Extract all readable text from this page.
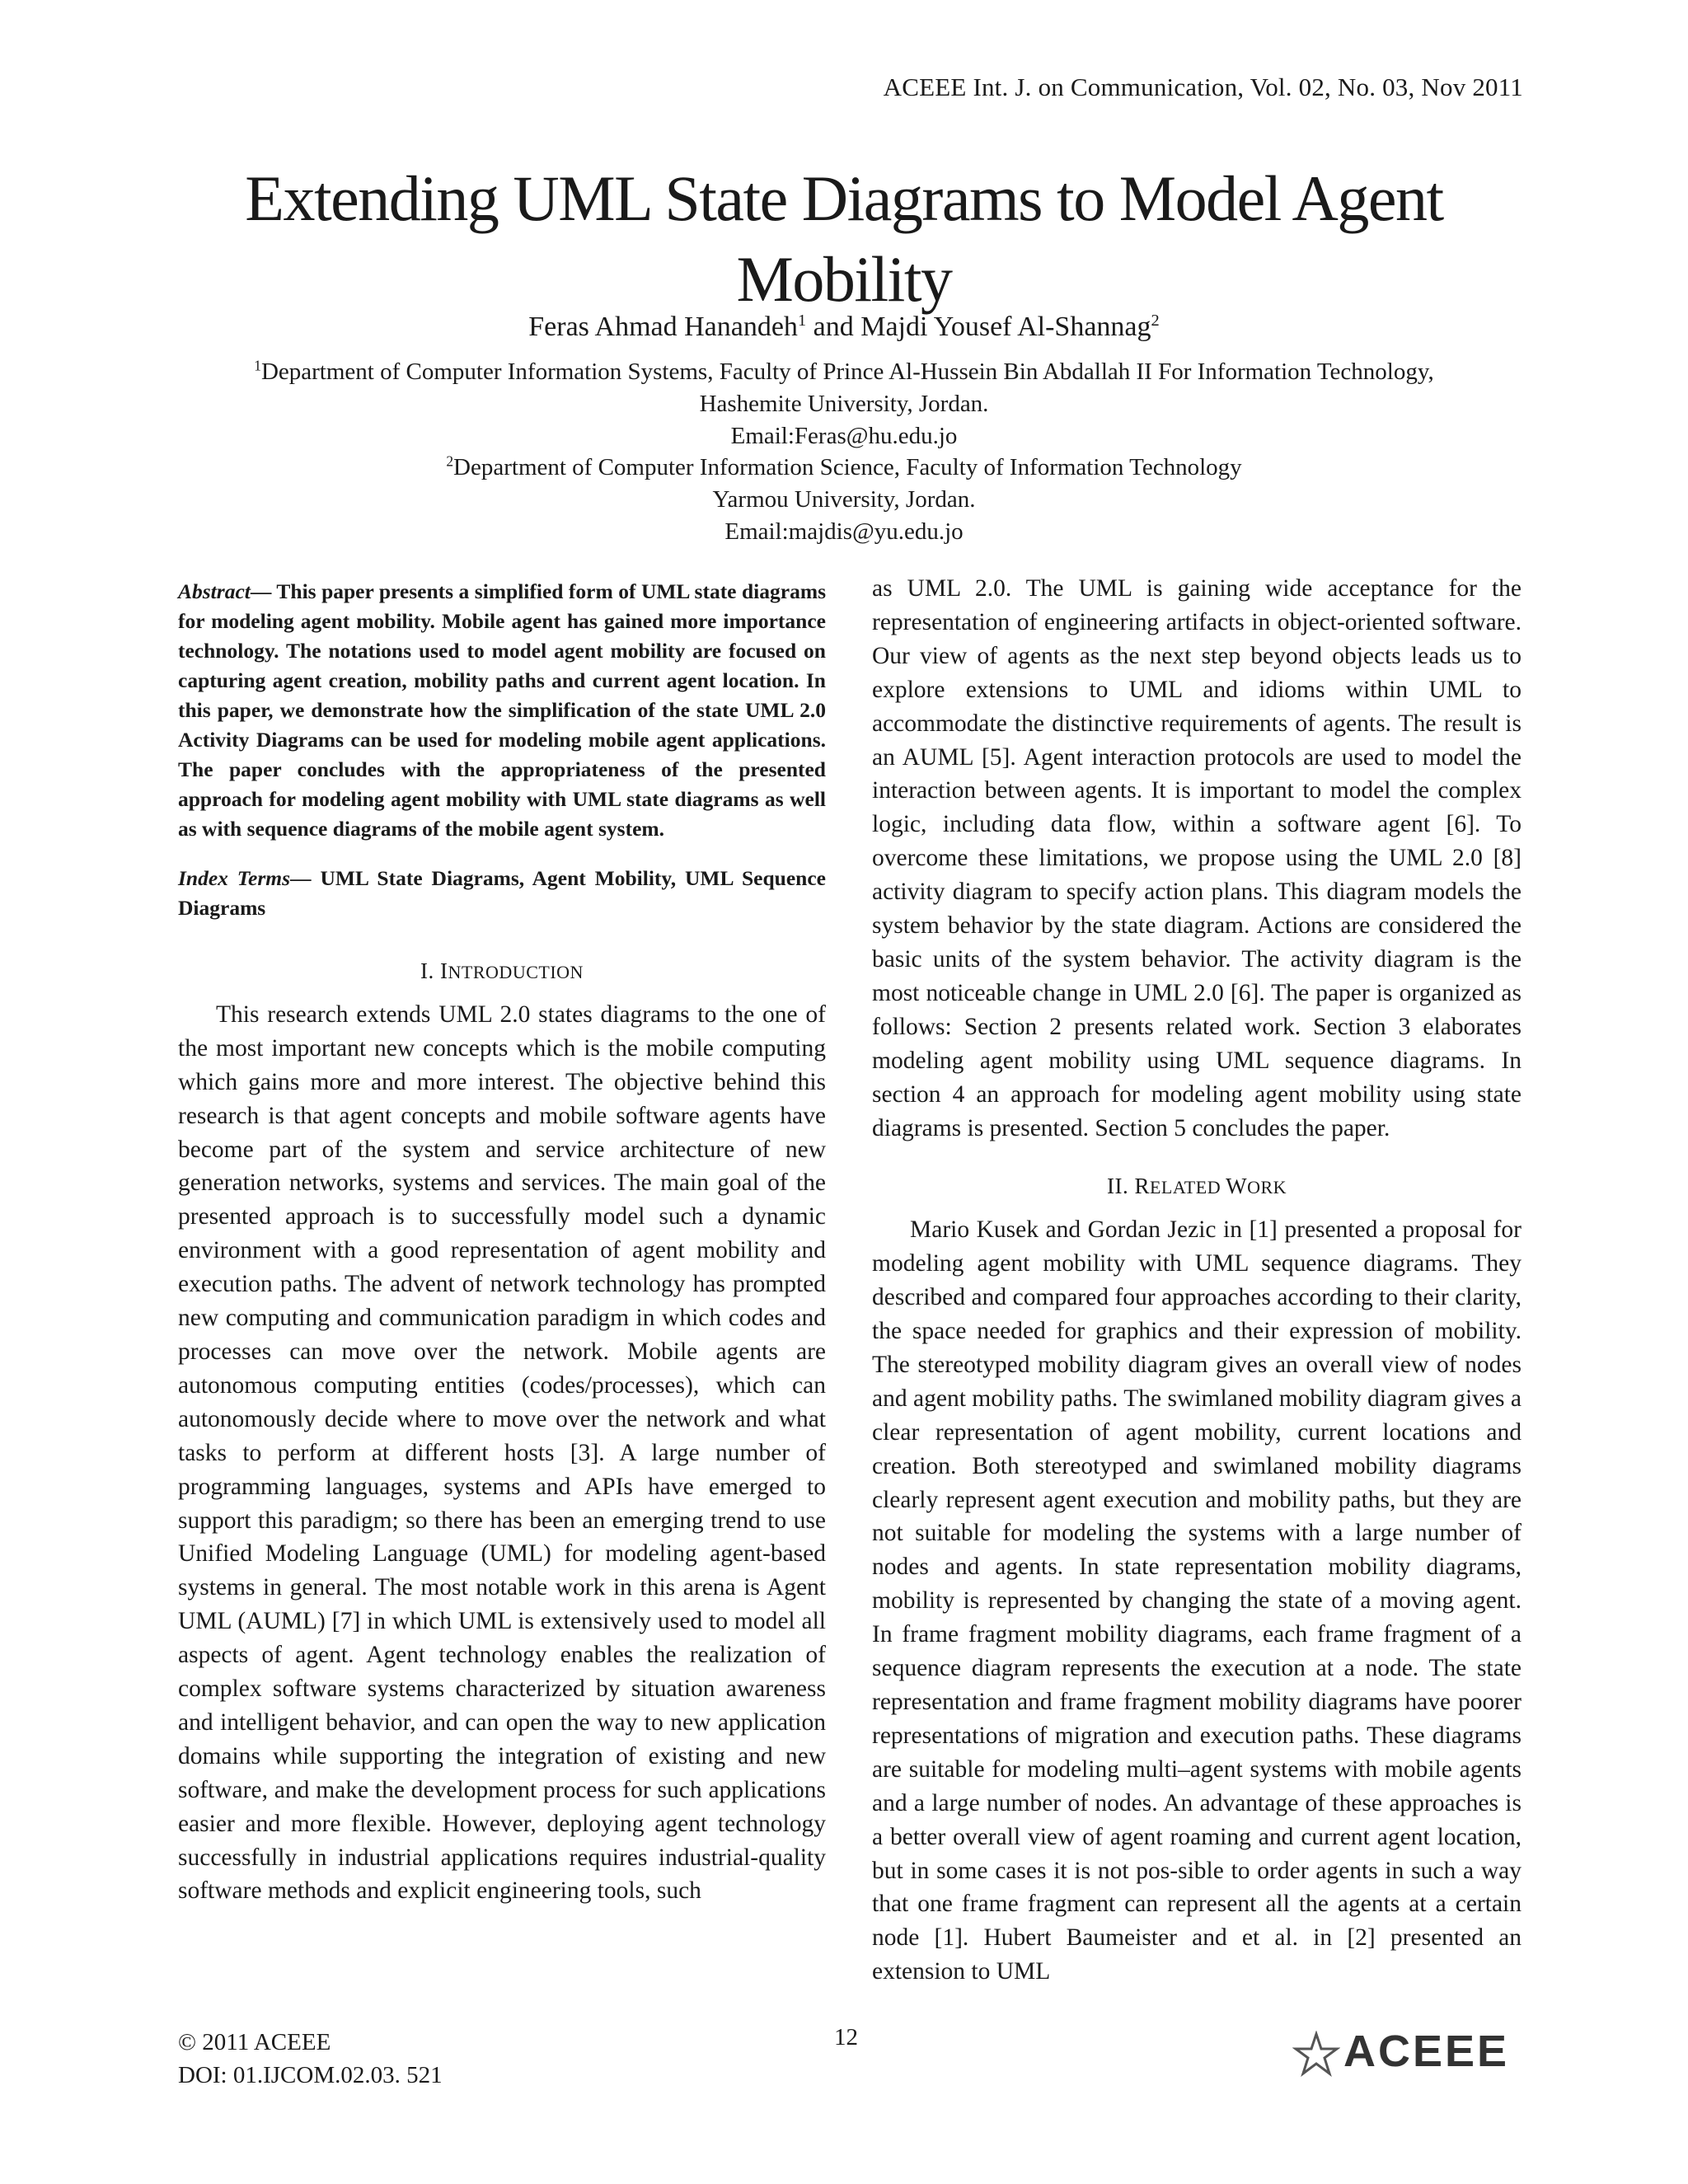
ACEEE Int. J. on Communication, Vol. 02, No. 03, Nov 2011
Extending UML State Diagrams to Model Agent
Mobility
Feras Ahmad Hanandeh$^1$ and Majdi Yousef Al-Shannag$^2$
$^1$Department of Computer Information Systems, Faculty of Prince Al-Hussein Bin Abdallah II For Information Technology,
Hashemite University, Jordan.
Email:Feras@hu.edu.jo
$^2$Department of Computer Information Science, Faculty of Information Technology
Yarmou University, Jordan.
Email:majdis@yu.edu.jo

Abstract— This paper presents a simplified form of UML state diagrams for modeling agent mobility. Mobile agent has gained more importance technology. The notations used to model agent mobility are focused on capturing agent creation, mobility paths and current agent location. In this paper, we demonstrate how the simplification of the state UML 2.0 Activity Diagrams can be used for modeling mobile agent applications. The paper concludes with the appropriateness of the presented approach for modeling agent mobility with UML state diagrams as well as with sequence diagrams of the mobile agent system.

Index Terms— UML State Diagrams, Agent Mobility, UML Sequence Diagrams

I. INTRODUCTION

This research extends UML 2.0 states diagrams to the one of the most important new concepts which is the mobile computing which gains more and more interest. The objective behind this research is that agent concepts and mobile software agents have become part of the system and service architecture of new generation networks, systems and services. The main goal of the presented approach is to successfully model such a dynamic environment with a good representation of agent mobility and execution paths. The advent of network technology has prompted new computing and communication paradigm in which codes and processes can move over the network. Mobile agents are autonomous computing entities (codes/processes), which can autonomously decide where to move over the network and what tasks to perform at different hosts [3]. A large number of programming languages, systems and APIs have emerged to support this paradigm; so there has been an emerging trend to use Unified Modeling Language (UML) for modeling agent-based systems in general. The most notable work in this arena is Agent UML (AUML) [7] in which UML is extensively used to model all aspects of agent. Agent technology enables the realization of complex software systems characterized by situation awareness and intelligent behavior, and can open the way to new application domains while supporting the integration of existing and new software, and make the development process for such applications easier and more flexible. However, deploying agent technology successfully in industrial applications requires industrial-quality software methods and explicit engineering tools, such

as UML 2.0. The UML is gaining wide acceptance for the representation of engineering artifacts in object-oriented software. Our view of agents as the next step beyond objects leads us to explore extensions to UML and idioms within UML to accommodate the distinctive requirements of agents. The result is an AUML [5]. Agent interaction protocols are used to model the interaction between agents. It is important to model the complex logic, including data flow, within a software agent [6]. To overcome these limitations, we propose using the UML 2.0 [8] activity diagram to specify action plans. This diagram models the system behavior by the state diagram. Actions are considered the basic units of the system behavior. The activity diagram is the most noticeable change in UML 2.0 [6]. The paper is organized as follows: Section 2 presents related work. Section 3 elaborates modeling agent mobility using UML sequence diagrams. In section 4 an approach for modeling agent mobility using state diagrams is presented. Section 5 concludes the paper.

II. RELATED WORK

Mario Kusek and Gordan Jezic in [1] presented a proposal for modeling agent mobility with UML sequence diagrams. They described and compared four approaches according to their clarity, the space needed for graphics and their expression of mobility. The stereotyped mobility diagram gives an overall view of nodes and agent mobility paths. The swimlaned mobility diagram gives a clear representation of agent mobility, current locations and creation. Both stereotyped and swimlaned mobility diagrams clearly represent agent execution and mobility paths, but they are not suitable for modeling the systems with a large number of nodes and agents. In state representation mobility diagrams, mobility is represented by changing the state of a moving agent. In frame fragment mobility diagrams, each frame fragment of a sequence diagram represents the execution at a node. The state representation and frame fragment mobility diagrams have poorer representations of migration and execution paths. These diagrams are suitable for modeling multi–agent systems with mobile agents and a large number of nodes. An advantage of these approaches is a better overall view of agent roaming and current agent location, but in some cases it is not pos-sible to order agents in such a way that one frame fragment can represent all the agents at a certain node [1]. Hubert Baumeister and et al. in [2] presented an extension to UML

© 2011 ACEEE
DOI: 01.IJCOM.02.03. 521
12	ACEEE
